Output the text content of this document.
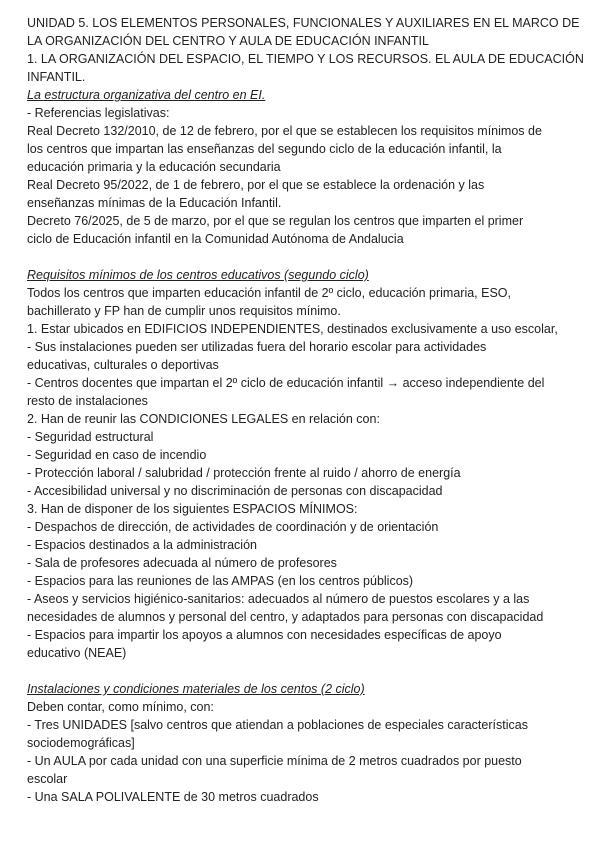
UNIDAD 5. LOS ELEMENTOS PERSONALES, FUNCIONALES Y AUXILIARES EN EL MARCO DE

LA ORGANIZACIÓN DEL CENTRO Y AULA DE EDUCACIÓN INFANTIL

1. LA ORGANIZACIÓN DEL ESPACIO, EL TIEMPO Y LOS RECURSOS. EL AULA DE EDUCACIÓN

INFANTIL.

La estructura organizativa del centro en EI.

- Referencias legislativas:

Real Decreto 132/2010, de 12 de febrero, por el que se establecen los requisitos mínimos de

los centros que impartan las enseñanzas del segundo ciclo de la educación infantil, la

educación primaria y la educación secundaria

Real Decreto 95/2022, de 1 de febrero, por el que se establece la ordenación y las

enseñanzas mínimas de la Educación Infantil.

Decreto 76/2025, de 5 de marzo, por el que se regulan los centros que imparten el primer

ciclo de Educación infantil en la Comunidad Autónoma de Andalucia

Requisitos mínimos de los centros educativos (segundo ciclo)

Todos los centros que imparten educación infantil de 2º ciclo, educación primaria, ESO,

bachillerato y FP han de cumplir unos requisitos mínimo.

1. Estar ubicados en EDIFICIOS INDEPENDIENTES, destinados exclusivamente a uso escolar,

- Sus instalaciones pueden ser utilizadas fuera del horario escolar para actividades

educativas, culturales o deportivas

- Centros docentes que impartan el 2º ciclo de educación infantil → acceso independiente del

resto de instalaciones

2. Han de reunir las CONDICIONES LEGALES en relación con:

- Seguridad estructural

- Seguridad en caso de incendio

- Protección laboral / salubridad / protección frente al ruido / ahorro de energía

- Accesibilidad universal y no discriminación de personas con discapacidad

3. Han de disponer de los siguientes ESPACIOS MÍNIMOS:

- Despachos de dirección, de actividades de coordinación y de orientación

- Espacios destinados a la administración

- Sala de profesores adecuada al número de profesores

- Espacios para las reuniones de las AMPAS (en los centros públicos)

- Aseos y servicios higiénico-sanitarios: adecuados al número de puestos escolares y a las

necesidades de alumnos y personal del centro, y adaptados para personas con discapacidad

- Espacios para impartir los apoyos a alumnos con necesidades específicas de apoyo

educativo (NEAE)

Instalaciones y condiciones materiales de los centos (2 ciclo)

Deben contar, como mínimo, con:

- Tres UNIDADES [salvo centros que atiendan a poblaciones de especiales características

sociodemográficas]

- Un AULA por cada unidad con una superficie mínima de 2 metros cuadrados por puesto

escolar

- Una SALA POLIVALENTE de 30 metros cuadrados
